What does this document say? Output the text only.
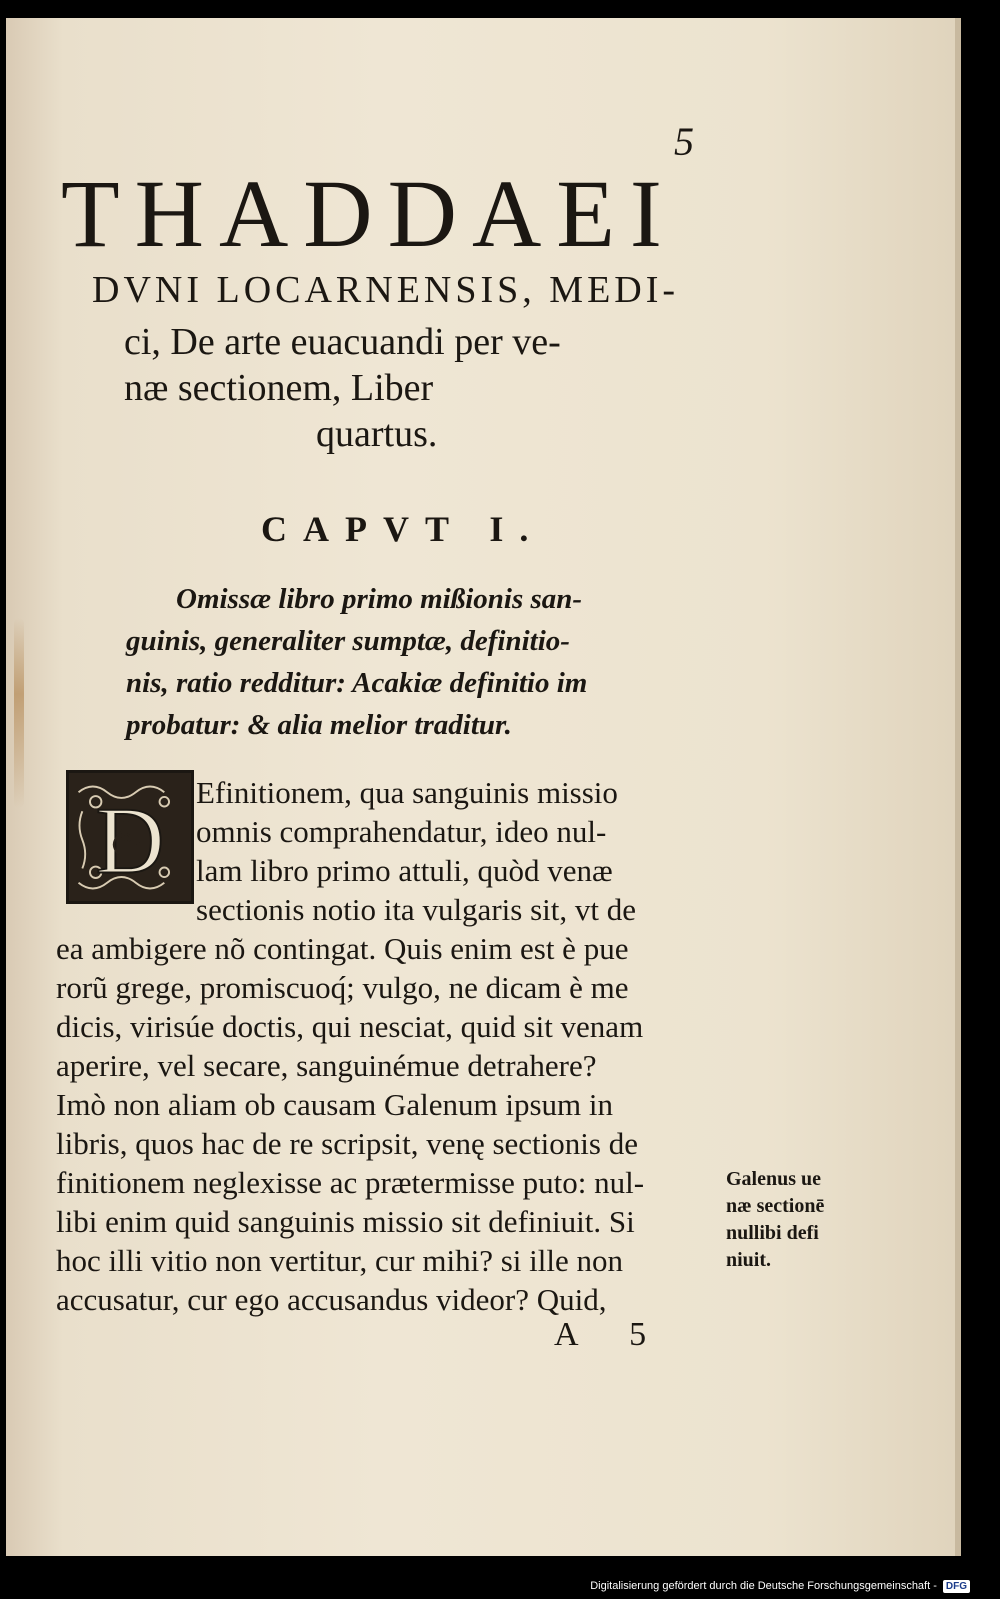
5
THADDAEI
DVNI LOCARNENSIS, MEDI-
ci, De arte euacuandi per ve-
næ sectionem, Liber
quartus.
CAPVT I.
Omissæ libro primo mißionis san-
guinis, generaliter sumptæ, definitio-
nis, ratio redditur: Acakiæ definitio im
probatur: & alia melior traditur.
D Efinitionem, qua sanguinis missio
omnis comprahendatur, ideo nul-
lam libro primo attuli, quòd venæ
sectionis notio ita vulgaris sit, vt de
ea ambigere nõ contingat. Quis enim est è pue
rorũ grege, promiscuoq́; vulgo, ne dicam è me
dicis, virisúe doctis, qui nesciat, quid sit venam
aperire, vel secare, sanguinémue detrahere?
Imò non aliam ob causam Galenum ipsum in
libris, quos hac de re scripsit, venę sectionis de
finitionem neglexisse ac prætermisse puto: nul-
libi enim quid sanguinis missio sit definiuit. Si
hoc illi vitio non vertitur, cur mihi? si ille non
accusatur, cur ego accusandus videor? Quid,
Galenus ue
næ sectionē
nullibi defi
niuit.
A 5
Digitalisierung gefördert durch die Deutsche Forschungsgemeinschaft - DFG
